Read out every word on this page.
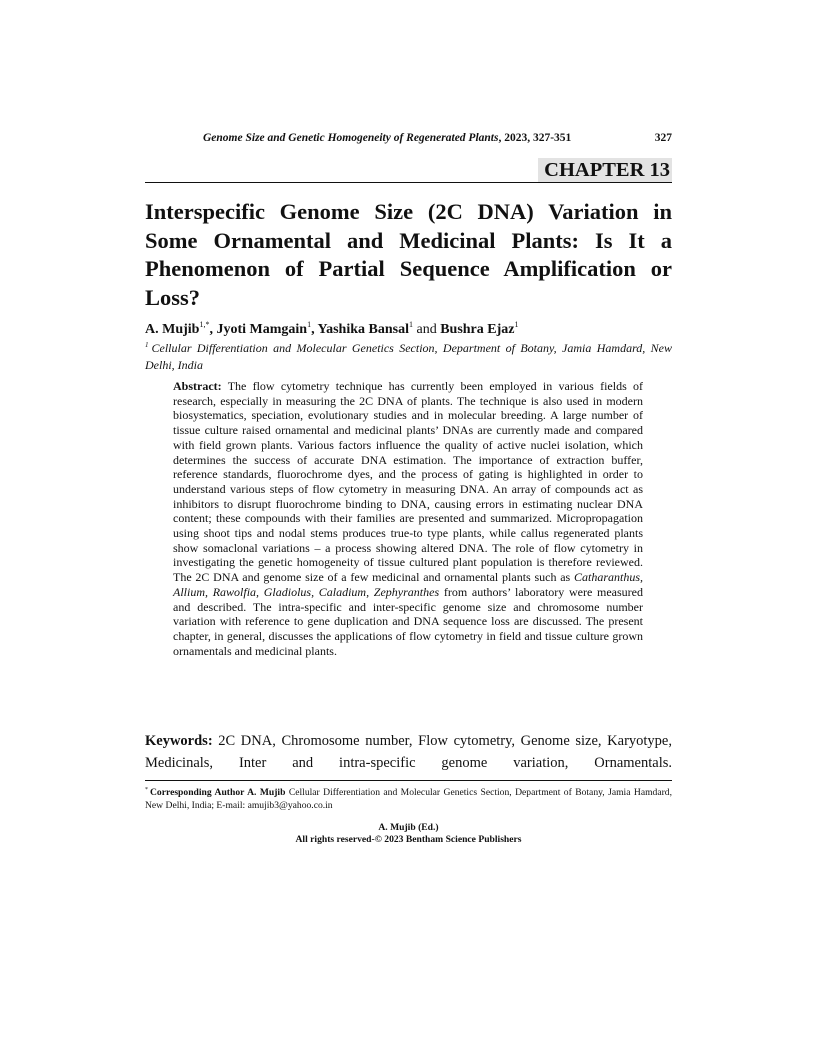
Genome Size and Genetic Homogeneity of Regenerated Plants, 2023, 327-351	327
CHAPTER 13
Interspecific Genome Size (2C DNA) Variation in Some Ornamental and Medicinal Plants: Is It a Phenomenon of Partial Sequence Amplification or Loss?
A. Mujib$^{1,*}$, Jyoti Mamgain$^1$, Yashika Bansal$^1$ and Bushra Ejaz$^1$
$^1$ Cellular Differentiation and Molecular Genetics Section, Department of Botany, Jamia Hamdard, New Delhi, India
Abstract: The flow cytometry technique has currently been employed in various fields of research, especially in measuring the 2C DNA of plants. The technique is also used in modern biosystematics, speciation, evolutionary studies and in molecular breeding. A large number of tissue culture raised ornamental and medicinal plants’ DNAs are currently made and compared with field grown plants. Various factors influence the quality of active nuclei isolation, which determines the success of accurate DNA estimation. The importance of extraction buffer, reference standards, fluorochrome dyes, and the process of gating is highlighted in order to understand various steps of flow cytometry in measuring DNA. An array of compounds act as inhibitors to disrupt fluorochrome binding to DNA, causing errors in estimating nuclear DNA content; these compounds with their families are presented and summarized. Micropropagation using shoot tips and nodal stems produces true-to type plants, while callus regenerated plants show somaclonal variations – a process showing altered DNA. The role of flow cytometry in investigating the genetic homogeneity of tissue cultured plant population is therefore reviewed. The 2C DNA and genome size of a few medicinal and ornamental plants such as Catharanthus, Allium, Rawolfia, Gladiolus, Caladium, Zephyranthes from authors’ laboratory were measured and described. The intra-specific and inter-specific genome size and chromosome number variation with reference to gene duplication and DNA sequence loss are discussed. The present chapter, in general, discusses the applications of flow cytometry in field and tissue culture grown ornamentals and medicinal plants.
Keywords: 2C DNA, Chromosome number, Flow cytometry, Genome size, Karyotype, Medicinals, Inter and intra-specific genome variation, Ornamentals.
* Corresponding Author A. Mujib Cellular Differentiation and Molecular Genetics Section, Department of Botany, Jamia Hamdard, New Delhi, India; E-mail: amujib3@yahoo.co.in
A. Mujib (Ed.)
All rights reserved-© 2023 Bentham Science Publishers
